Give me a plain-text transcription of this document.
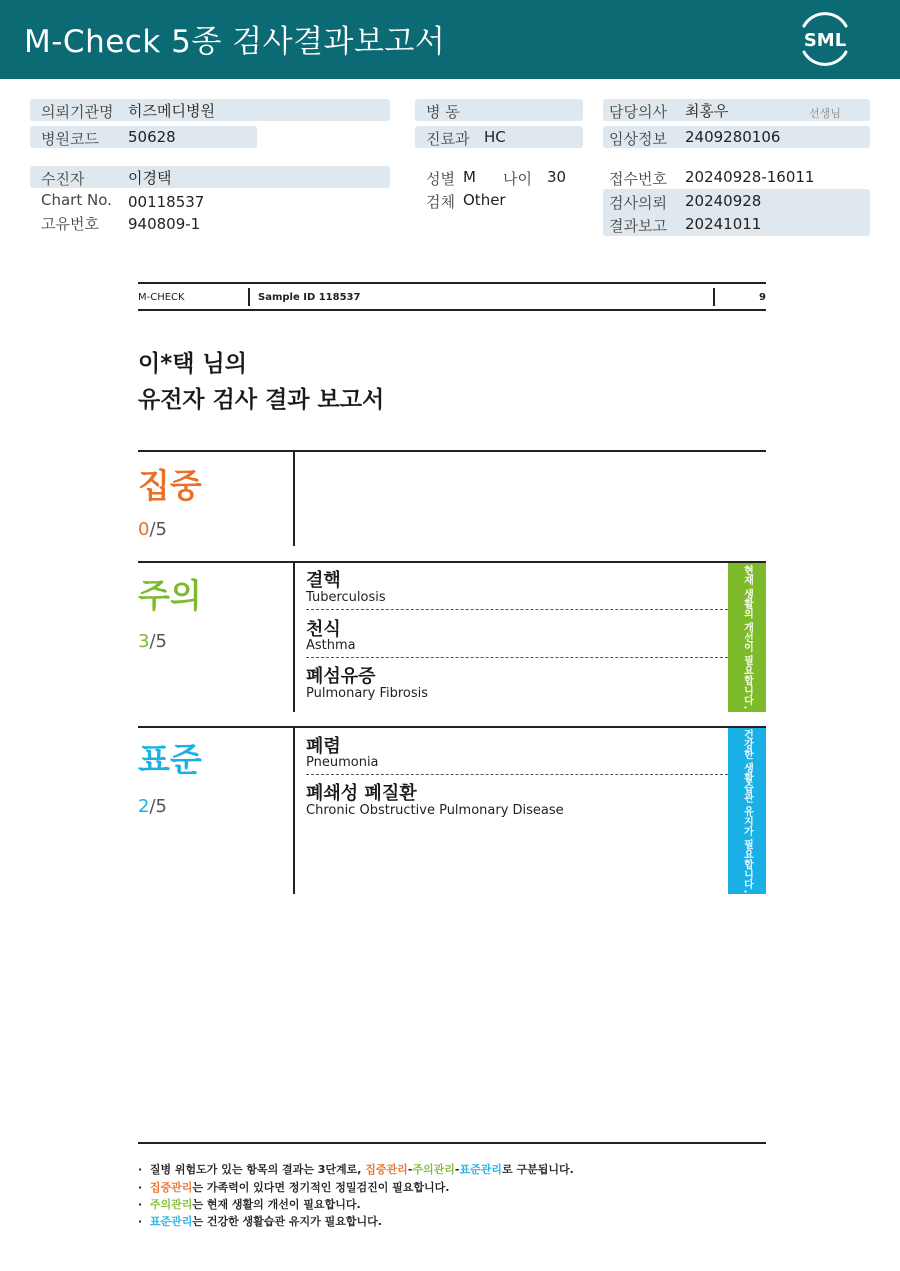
M-Check 5종 검사결과보고서	SML
의뢰기관명 히즈메디병원
병원코드 50628
수진자	이경택
Chart No. 00118537
고유번호 940809-1
병 동
진료과 HC
성별 M 나이 30
검체 Other
담당의사 최홍우	선생님
임상정보 2409280106
접수번호 20240928-16011
검사의뢰 20240928
결과보고 20241011
M-CHECK	Sample ID 118537	9
이*택 님의
유전자 검사 결과 보고서
집중
0/5
주의
3/5
결핵
Tuberculosis
천식
Asthma
폐섬유증
Pulmonary Fibrosis	현재 생활의 개선이 필요합니다.
표준
2/5
폐렴
Pneumonia
폐쇄성 폐질환
Chronic Obstructive Pulmonary Disease	건강한 생활습관 유지가 필요합니다.
·  질병 위험도가 있는 항목의 결과는 3단계로, 집중관리-주의관리-표준관리로 구분됩니다.
·  집중관리는 가족력이 있다면 정기적인 정밀검진이 필요합니다.
·  주의관리는 현재 생활의 개선이 필요합니다.
·  표준관리는 건강한 생활습관 유지가 필요합니다.
